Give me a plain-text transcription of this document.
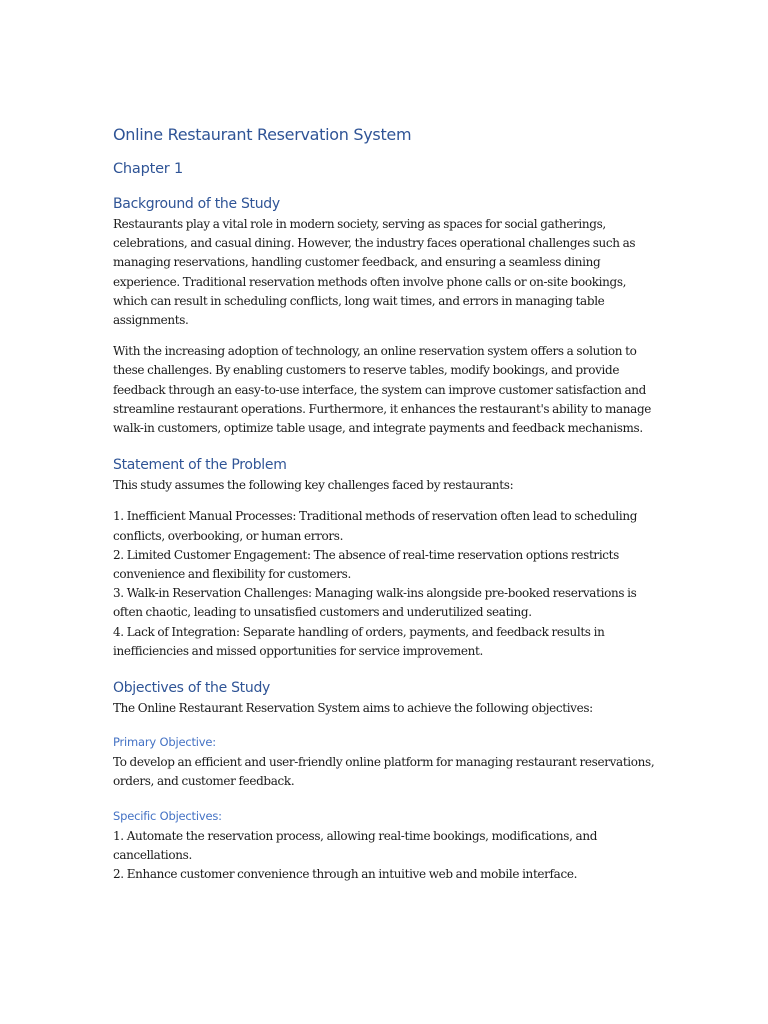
Online Restaurant Reservation System
Chapter 1
Background of the Study

Restaurants play a vital role in modern society, serving as spaces for social gatherings, celebrations, and casual dining. However, the industry faces operational challenges such as managing reservations, handling customer feedback, and ensuring a seamless dining experience. Traditional reservation methods often involve phone calls or on-site bookings, which can result in scheduling conflicts, long wait times, and errors in managing table assignments.

With the increasing adoption of technology, an online reservation system offers a solution to these challenges. By enabling customers to reserve tables, modify bookings, and provide feedback through an easy-to-use interface, the system can improve customer satisfaction and streamline restaurant operations. Furthermore, it enhances the restaurant's ability to manage walk-in customers, optimize table usage, and integrate payments and feedback mechanisms.

Statement of the Problem

This study assumes the following key challenges faced by restaurants:

1. Inefficient Manual Processes: Traditional methods of reservation often lead to scheduling conflicts, overbooking, or human errors.
2. Limited Customer Engagement: The absence of real-time reservation options restricts convenience and flexibility for customers.
3. Walk-in Reservation Challenges: Managing walk-ins alongside pre-booked reservations is often chaotic, leading to unsatisfied customers and underutilized seating.
4. Lack of Integration: Separate handling of orders, payments, and feedback results in inefficiencies and missed opportunities for service improvement.
Objectives of the Study

The Online Restaurant Reservation System aims to achieve the following objectives:

Primary Objective:

To develop an efficient and user-friendly online platform for managing restaurant reservations, orders, and customer feedback.

Specific Objectives:
1. Automate the reservation process, allowing real-time bookings, modifications, and cancellations.
2. Enhance customer convenience through an intuitive web and mobile interface.
